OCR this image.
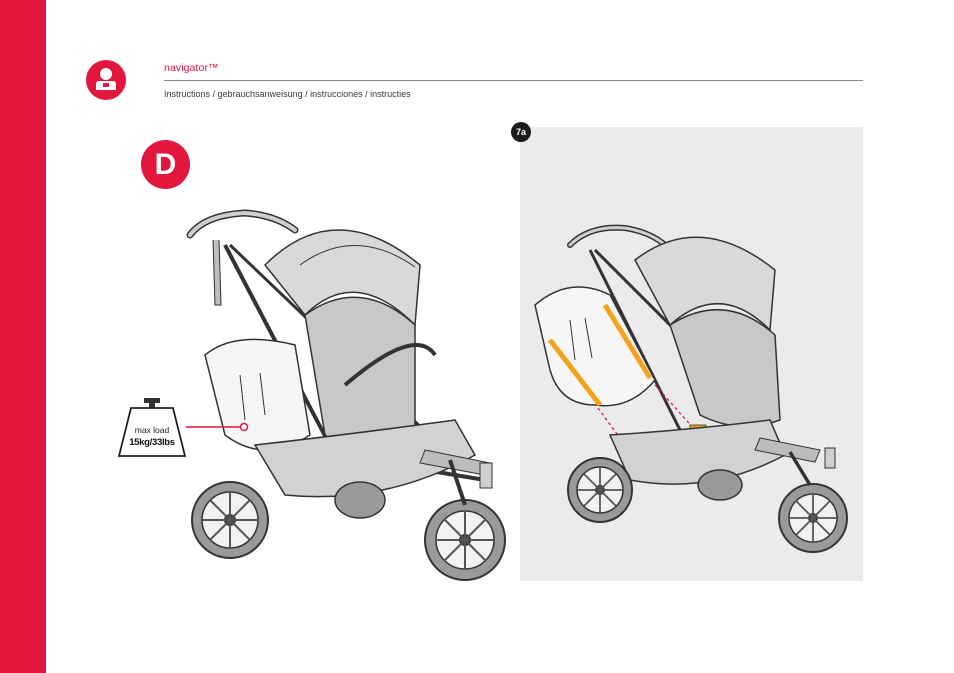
navigator™
Instructions / gebrauchsanweisung / instrucciones / instructies
D
max load
15kg/33lbs
7a
